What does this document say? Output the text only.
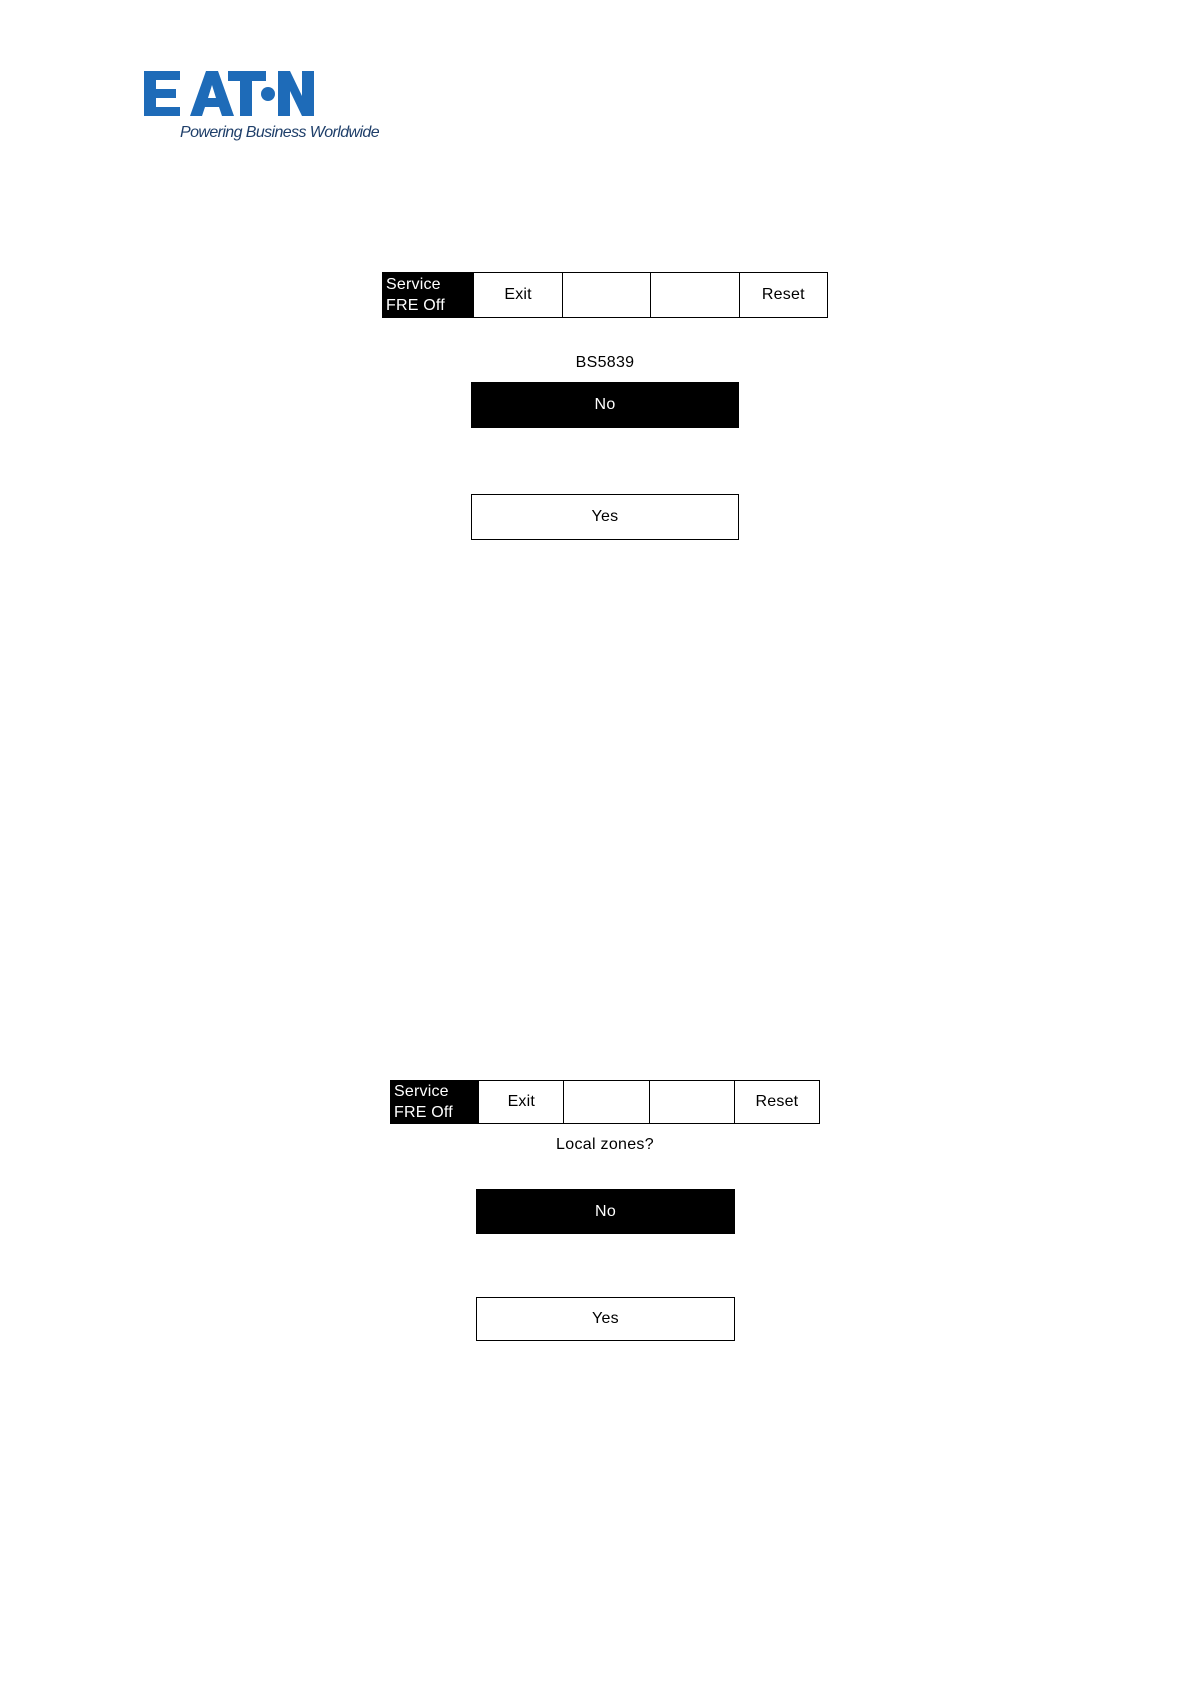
Powering Business Worldwide
Service
FRE Off
Exit	Reset
BS5839
No
Yes
Service
FRE Off
Exit	Reset
Local zones?
No
Yes
